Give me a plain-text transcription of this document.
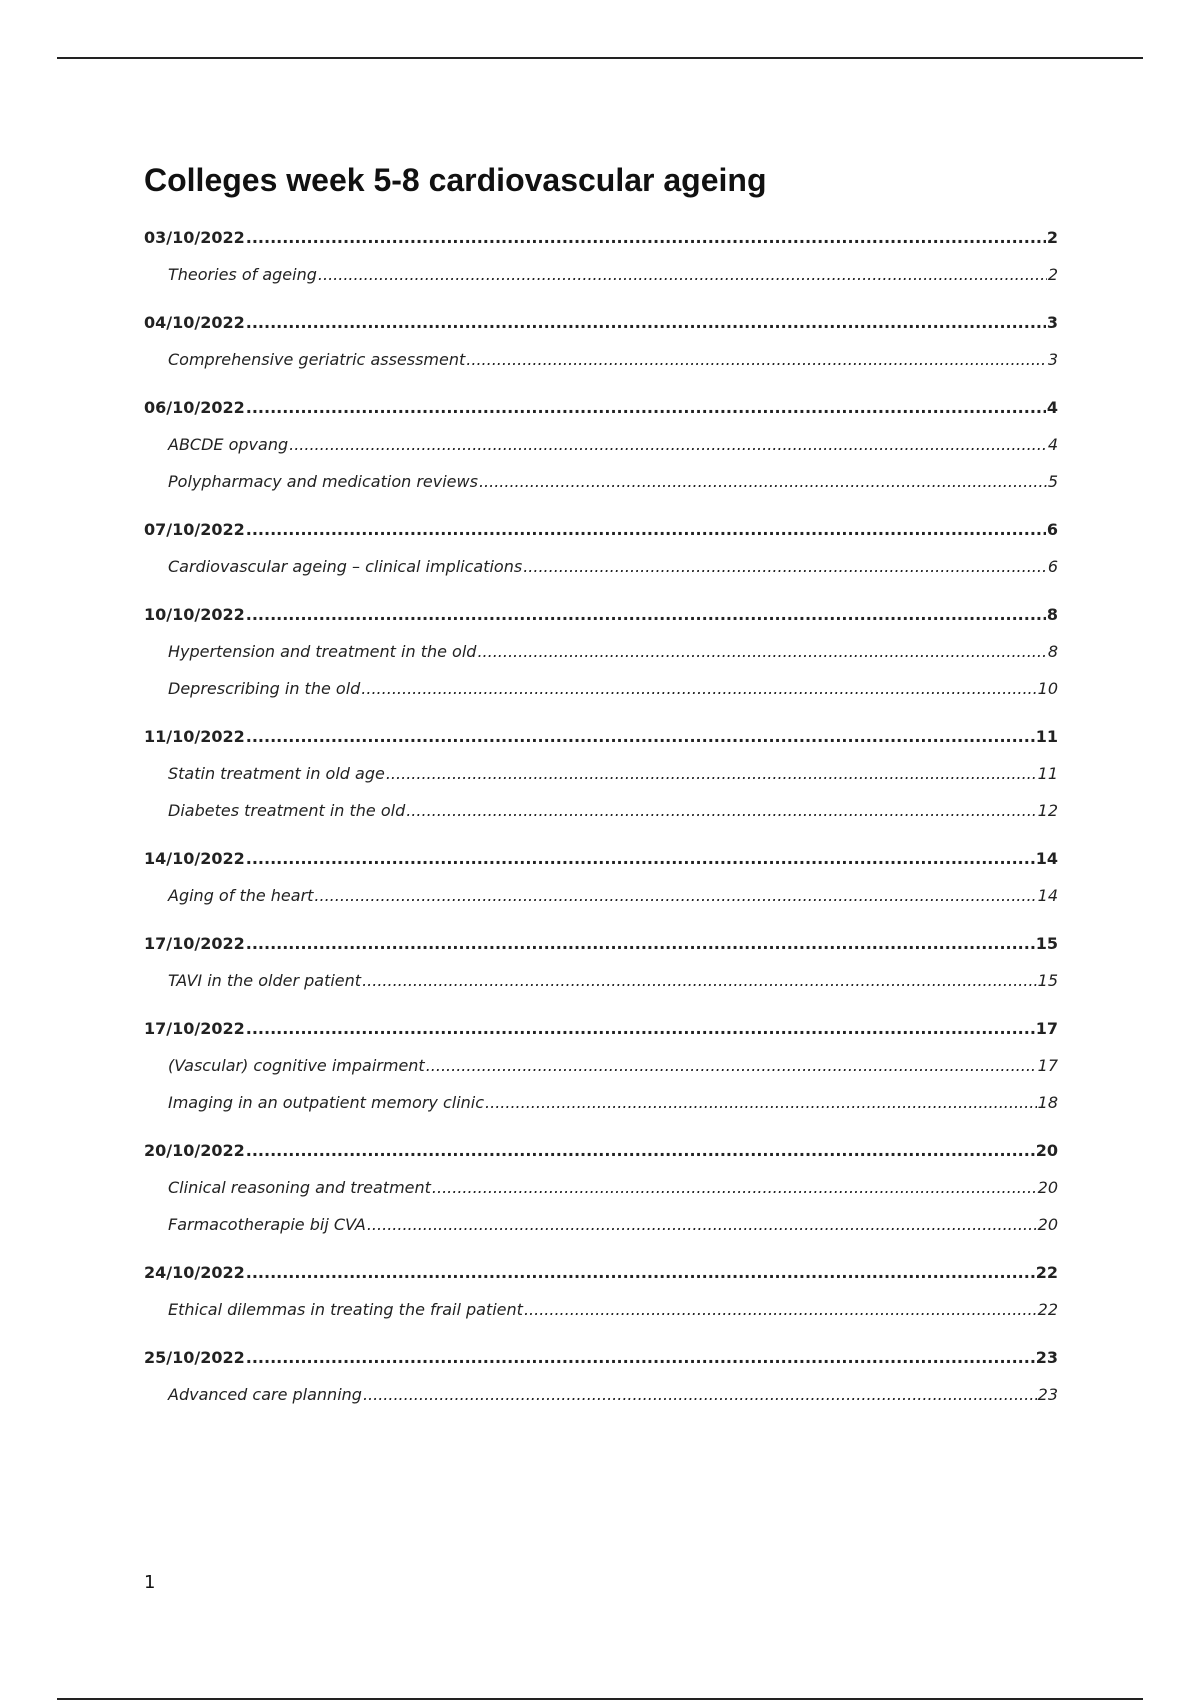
Colleges week 5-8 cardiovascular ageing
03/10/2022 .....	2
Theories of ageing .....	2
04/10/2022 .....	3
Comprehensive geriatric assessment .....	3
06/10/2022 .....	4
ABCDE opvang .....	4
Polypharmacy and medication reviews .....	5
07/10/2022 .....	6
Cardiovascular ageing – clinical implications .....	6
10/10/2022 .....	8
Hypertension and treatment in the old .....	8
Deprescribing in the old .....	10
11/10/2022 .....	11
Statin treatment in old age .....	11
Diabetes treatment in the old .....	12
14/10/2022 .....	14
Aging of the heart .....	14
17/10/2022 .....	15
TAVI in the older patient .....	15
17/10/2022 .....	17
(Vascular) cognitive impairment .....	17
Imaging in an outpatient memory clinic .....	18
20/10/2022 .....	20
Clinical reasoning and treatment .....	20
Farmacotherapie bij CVA .....	20
24/10/2022 .....	22
Ethical dilemmas in treating the frail patient .....	22
25/10/2022 .....	23
Advanced care planning .....	23
1
